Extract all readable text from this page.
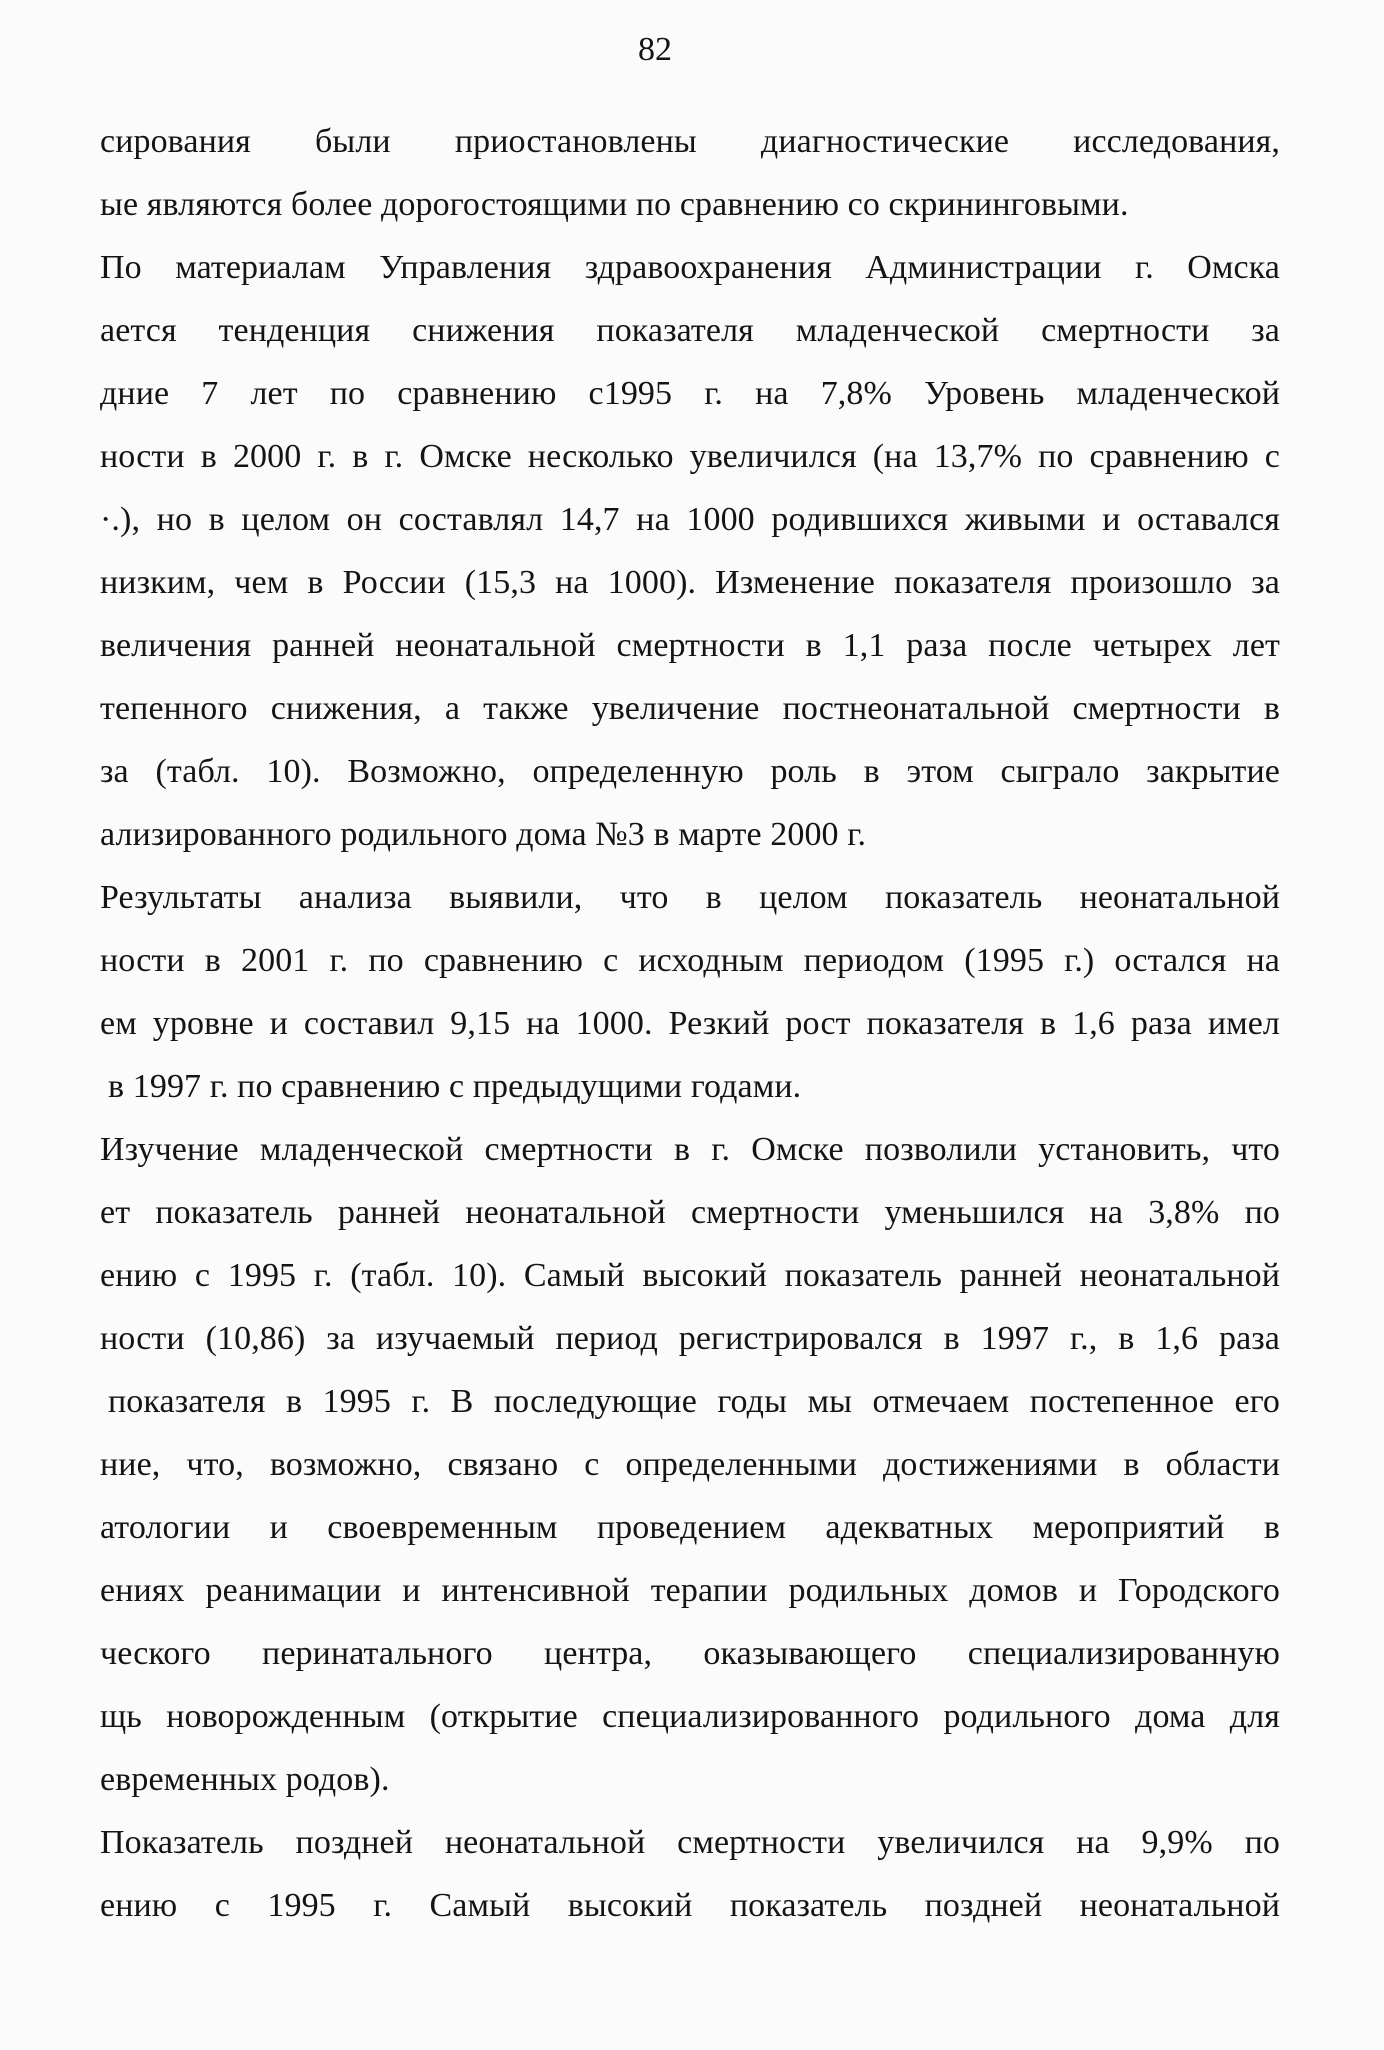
82
сирования были приостановлены диагностические исследования,
ые являются более дорогостоящими по сравнению со скрининговыми.
По материалам Управления здравоохранения Администрации г. Омска
ается тенденция снижения показателя младенческой смертности за
дние 7 лет по сравнению с1995 г. на 7,8% Уровень младенческой
ности в 2000 г. в г. Омске несколько увеличился (на 13,7% по сравнению с
·.), но в целом он составлял 14,7 на 1000 родившихся живыми и оставался
низким, чем в России (15,3 на 1000). Изменение показателя произошло за
величения ранней неонатальной смертности в 1,1 раза после четырех лет
тепенного снижения, а также увеличение постнеонатальной смертности в
за (табл. 10). Возможно, определенную роль в этом сыграло закрытие
ализированного родильного дома №3 в марте 2000 г.
Результаты анализа выявили, что в целом показатель неонатальной
ности в 2001 г. по сравнению с исходным периодом (1995 г.) остался на
ем уровне и составил 9,15 на 1000. Резкий рост показателя в 1,6 раза имел
в 1997 г. по сравнению с предыдущими годами.
Изучение младенческой смертности в г. Омске позволили установить, что
ет показатель ранней неонатальной смертности уменьшился на 3,8% по
ению с 1995 г. (табл. 10). Самый высокий показатель ранней неонатальной
ности (10,86) за изучаемый период регистрировался в 1997 г., в 1,6 раза
показателя в 1995 г. В последующие годы мы отмечаем постепенное его
ние, что, возможно, связано с определенными достижениями в области
атологии и своевременным проведением адекватных мероприятий в
ениях реанимации и интенсивной терапии родильных домов и Городского
ческого перинатального центра, оказывающего специализированную
щь новорожденным (открытие специализированного родильного дома для
евременных родов).
Показатель поздней неонатальной смертности увеличился на 9,9% по
ению с 1995 г. Самый высокий показатель поздней неонатальной
